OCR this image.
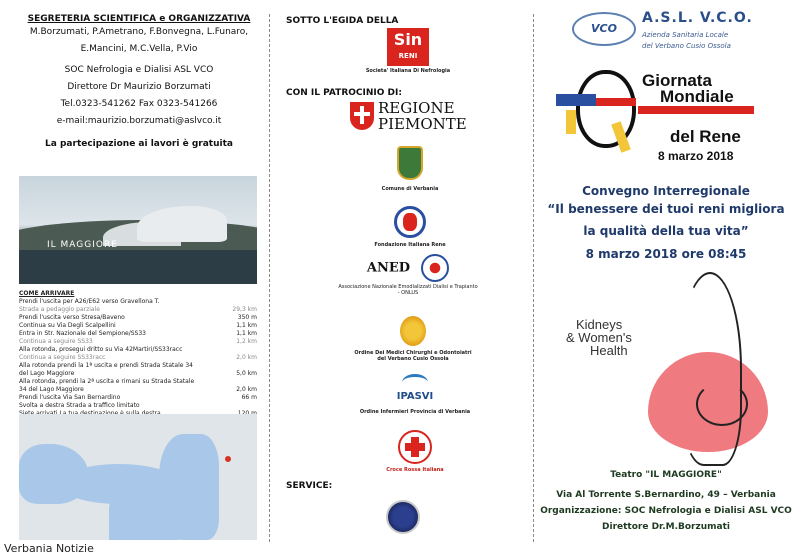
SEGRETERIA SCIENTIFICA e ORGANIZZATIVA
M.Borzumati, P.Ametrano, F.Bonvegna, L.Funaro,
E.Mancini, M.C.Vella, P.Vio
SOC Nefrologia e Dialisi ASL VCO
Direttore Dr Maurizio Borzumati
Tel.0323-541262 Fax 0323-541266
e-mail:maurizio.borzumati@aslvco.it
La partecipazione ai lavori è gratuita
IL MAGGIORE
COME ARRIVARE
Prendi l'uscita per A26/E62 verso Gravellona T.
Strada a pedaggio parziale	29,3 km
Prendi l'uscita verso Stresa/Baveno	350 m
Continua su Via Degli Scalpellini	1,1 km
Entra in Str. Nazionale del Sempione/SS33	1,1 km
Continua a seguire SS33	1,2 km
Alla rotonda, prosegui dritto su Via 42Martiri/SS33racc
Continua a seguire SS33racc	2,0 km
Alla rotonda prendi la 1ª uscita e prendi Strada Statale 34
del Lago Maggiore	5,0 km
Alla rotonda, prendi la 2ª uscita e rimani su Strada Statale
34 del Lago Maggiore	2,0 km
Prendi l'uscita Via San Bernardino	66 m
Svolta a destra Strada a traffico limitato
SOTTO L'EGIDA DELLA
Sin
RENI
Societa' Italiana Di Nefrologia
CON IL PATROCINIO DI:
REGIONE
PIEMONTE
Comune di Verbania
Fondazione Italiana Rene
ANED
Associazione Nazionale Emodializzati Dialisi e Trapianto - ONLUS
Ordine Dei Medici Chirurghi e Odontoiatri
del Verbano Cusio Ossola
IPASVI
Ordine Infermieri Provincia di Verbania
Croce Rossa Italiana
SERVICE:
VCO
A.S.L. V.C.O.
Azienda Sanitaria Locale
del Verbano Cusio Ossola
Giornata
Mondiale
del Rene
8 marzo 2018
Convegno Interregionale
“Il benessere dei tuoi reni migliora
la qualità della tua vita”
8 marzo 2018 ore 08:45
Kidneys
& Women's
Health
Teatro "IL MAGGIORE"
Via Al Torrente S.Bernardino, 49 – Verbania
Organizzazione: SOC Nefrologia e Dialisi ASL VCO
Direttore Dr.M.Borzumati
Verbania Notizie
